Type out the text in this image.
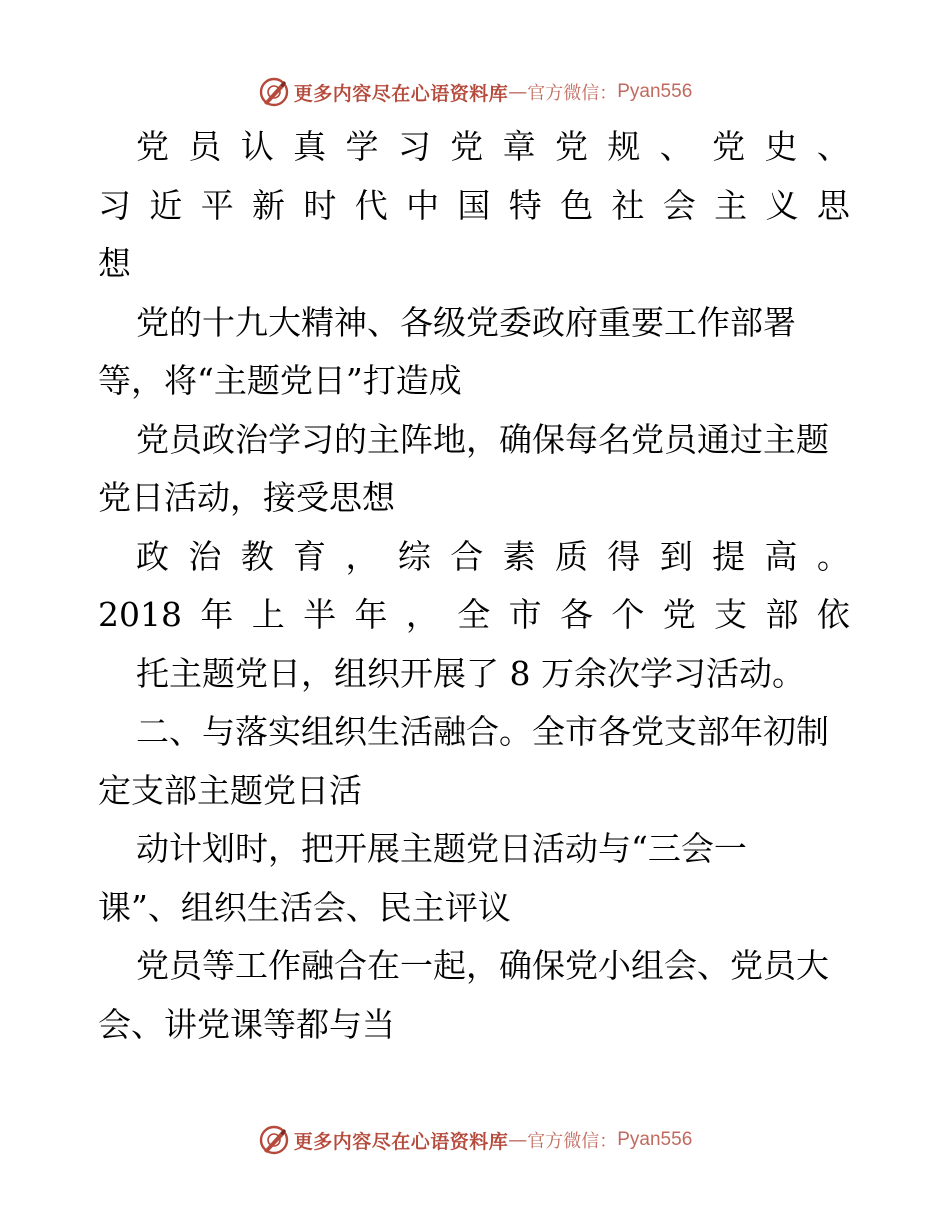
更多内容尽在心语资料库 — 官方微信： Pyan556
党 员 认 真 学 习 党 章 党 规 、 党 史 、
习 近 平 新 时 代 中 国 特 色 社 会 主 义 思
想
党的十九大精神、各级党委政府重要工作部署
等，将“主题党日”打造成
党员政治学习的主阵地，确保每名党员通过主题
党日活动，接受思想
政 治 教 育 ， 综 合 素 质 得 到 提 高 。
2018 年 上 半 年 ， 全 市 各 个 党 支 部 依
托主题党日，组织开展了 8 万余次学习活动。
二、与落实组织生活融合。全市各党支部年初制
定支部主题党日活
动计划时，把开展主题党日活动与“三会一
课”、组织生活会、民主评议
党员等工作融合在一起，确保党小组会、党员大
会、讲党课等都与当
更多内容尽在心语资料库 — 官方微信： Pyan556
